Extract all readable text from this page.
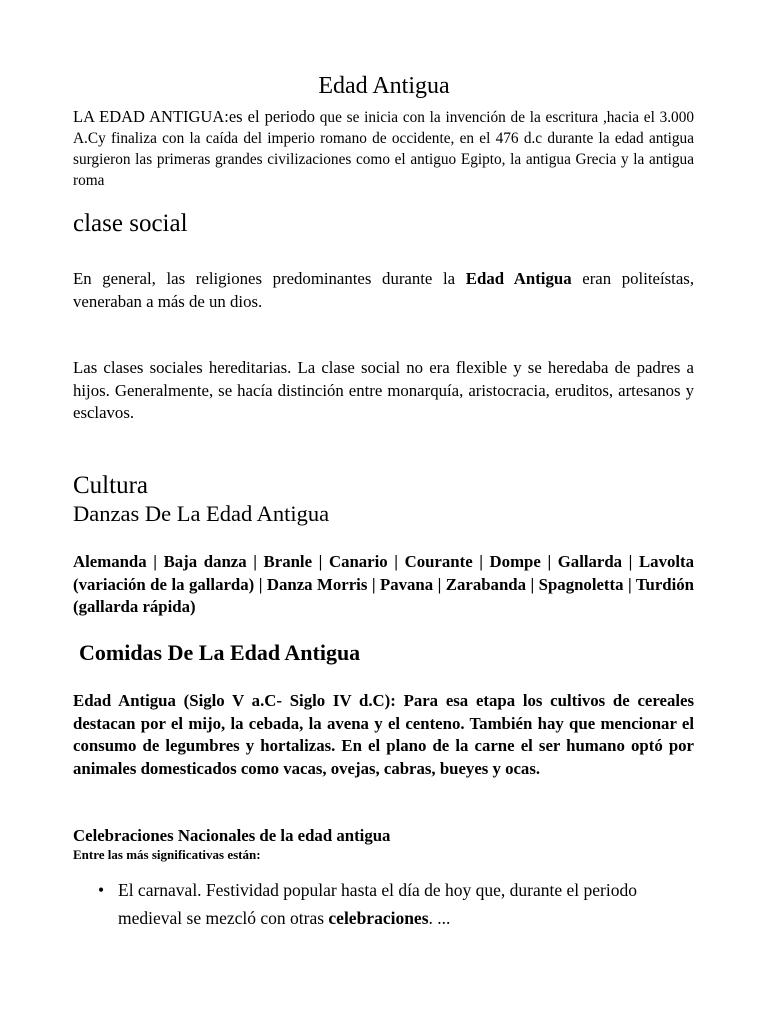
Edad Antigua

LA EDAD ANTIGUA:es el periodo que se inicia con la invención de la escritura ,hacia el 3.000 A.Cy finaliza con la caída del imperio romano de occidente, en el 476 d.c durante la edad antigua surgieron las primeras grandes civilizaciones como el antiguo Egipto, la antigua Grecia y la antigua roma

clase social

En general, las religiones predominantes durante la Edad Antigua eran politeístas, veneraban a más de un dios.

Las clases sociales hereditarias. La clase social no era flexible y se heredaba de padres a hijos. Generalmente, se hacía distinción entre monarquía, aristocracia, eruditos, artesanos y esclavos.

Cultura
Danzas De La Edad Antigua

Alemanda | Baja danza | Branle | Canario | Courante | Dompe | Gallarda | Lavolta (variación de la gallarda) | Danza Morris | Pavana | Zarabanda | Spagnoletta | Turdión (gallarda rápida)

Comidas De La Edad Antigua

Edad Antigua (Siglo V a.C- Siglo IV d.C): Para esa etapa los cultivos de cereales destacan por el mijo, la cebada, la avena y el centeno. También hay que mencionar el consumo de legumbres y hortalizas. En el plano de la carne el ser humano optó por animales domesticados como vacas, ovejas, cabras, bueyes y ocas.

Celebraciones Nacionales de la edad antigua

Entre las más significativas están:

• El carnaval. Festividad popular hasta el día de hoy que, durante el periodo medieval se mezcló con otras celebraciones. ...
